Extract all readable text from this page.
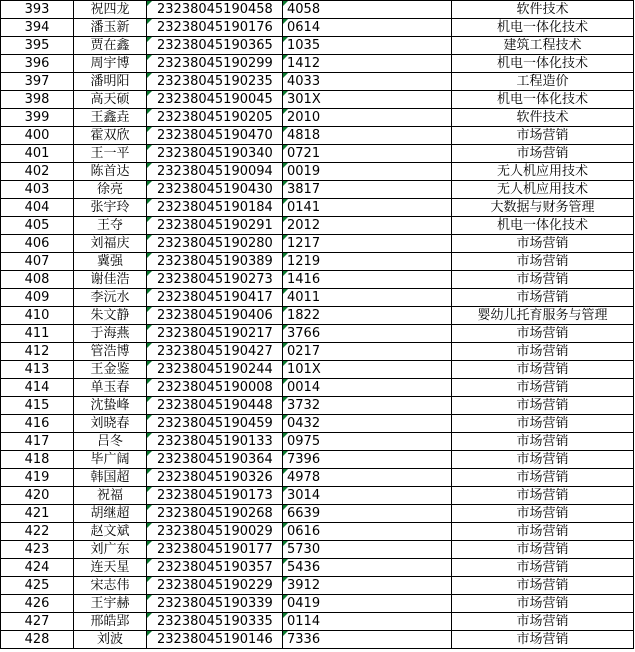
393	祝四龙	23238045190458	4058	软件技术
394	潘玉新	23238045190176	0614	机电一体化技术
395	贾在鑫	23238045190365	1035	建筑工程技术
396	周宇博	23238045190299	1412	机电一体化技术
397	潘明阳	23238045190235	4033	工程造价
398	高天硕	23238045190045	301X	机电一体化技术
399	王鑫垚	23238045190205	2010	软件技术
400	霍双欣	23238045190470	4818	市场营销
401	王一平	23238045190340	0721	市场营销
402	陈首达	23238045190094	0019	无人机应用技术
403	徐亮	23238045190430	3817	无人机应用技术
404	张宇玲	23238045190184	0141	大数据与财务管理
405	王夺	23238045190291	2012	机电一体化技术
406	刘福庆	23238045190280	1217	市场营销
407	冀强	23238045190389	1219	市场营销
408	谢佳浩	23238045190273	1416	市场营销
409	李沅水	23238045190417	4011	市场营销
410	朱文静	23238045190406	1822	婴幼儿托育服务与管理
411	于海燕	23238045190217	3766	市场营销
412	管浩博	23238045190427	0217	市场营销
413	王金鉴	23238045190244	101X	市场营销
414	单玉春	23238045190008	0014	市场营销
415	沈蛰峰	23238045190448	3732	市场营销
416	刘晓春	23238045190459	0432	市场营销
417	吕冬	23238045190133	0975	市场营销
418	毕广阔	23238045190364	7396	市场营销
419	韩国超	23238045190326	4978	市场营销
420	祝福	23238045190173	3014	市场营销
421	胡继超	23238045190268	6639	市场营销
422	赵文斌	23238045190029	0616	市场营销
423	刘广东	23238045190177	5730	市场营销
424	连天星	23238045190357	5436	市场营销
425	宋志伟	23238045190229	3912	市场营销
426	王宇赫	23238045190339	0419	市场营销
427	邢皓郢	23238045190335	0114	市场营销
428	刘波	23238045190146	7336	市场营销
